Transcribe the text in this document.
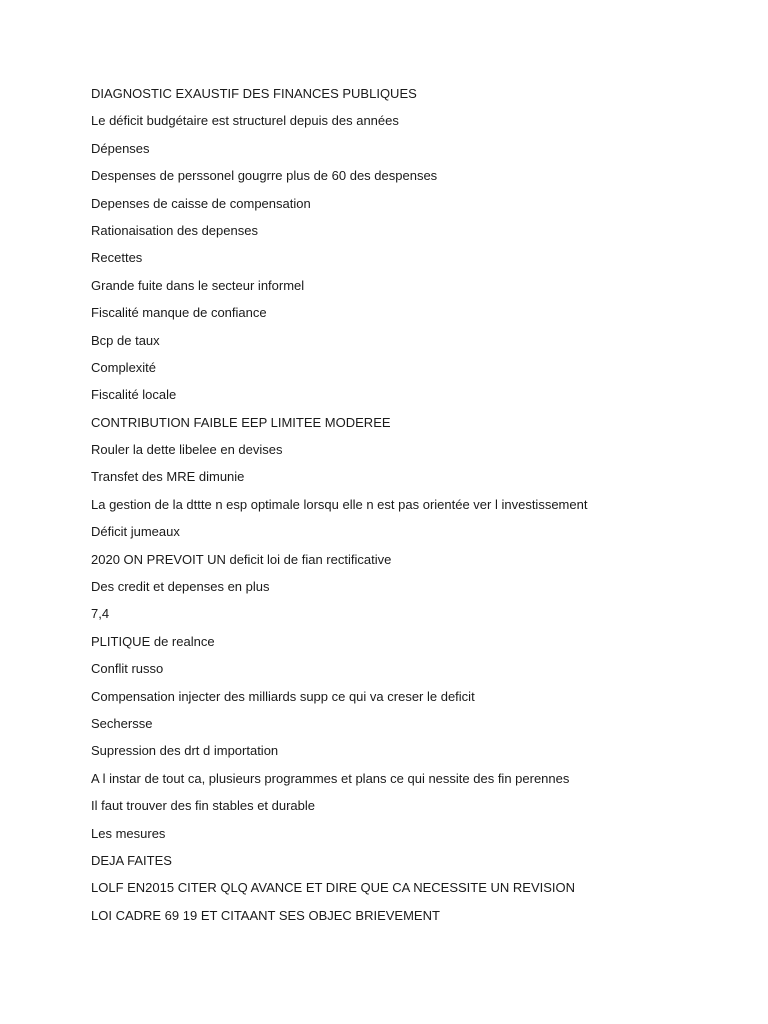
DIAGNOSTIC EXAUSTIF DES FINANCES PUBLIQUES
Le déficit budgétaire est structurel depuis des années
Dépenses
Despenses de perssonel gougrre plus de 60 des despenses
Depenses de caisse de compensation
Rationaisation des depenses
Recettes
Grande fuite dans le secteur informel
Fiscalité manque de confiance
Bcp de taux
Complexité
Fiscalité locale
CONTRIBUTION FAIBLE EEP LIMITEE MODEREE
Rouler la dette libelee en devises
Transfet des MRE dimunie
La gestion de la dttte n esp optimale lorsqu elle n est pas orientée ver l investissement
Déficit jumeaux
2020 ON PREVOIT UN deficit loi de fian rectificative
Des credit et depenses en plus
7,4
PLITIQUE de realnce
Conflit russo
Compensation injecter des milliards supp ce qui va creser le deficit
Sechersse
Supression des drt d importation
A l instar de tout ca, plusieurs programmes et plans ce qui nessite des fin perennes
Il faut trouver des fin stables et durable
Les mesures
DEJA FAITES
LOLF EN2015 CITER QLQ AVANCE ET DIRE QUE CA NECESSITE UN REVISION
LOI CADRE 69 19 ET CITAANT SES OBJEC BRIEVEMENT
